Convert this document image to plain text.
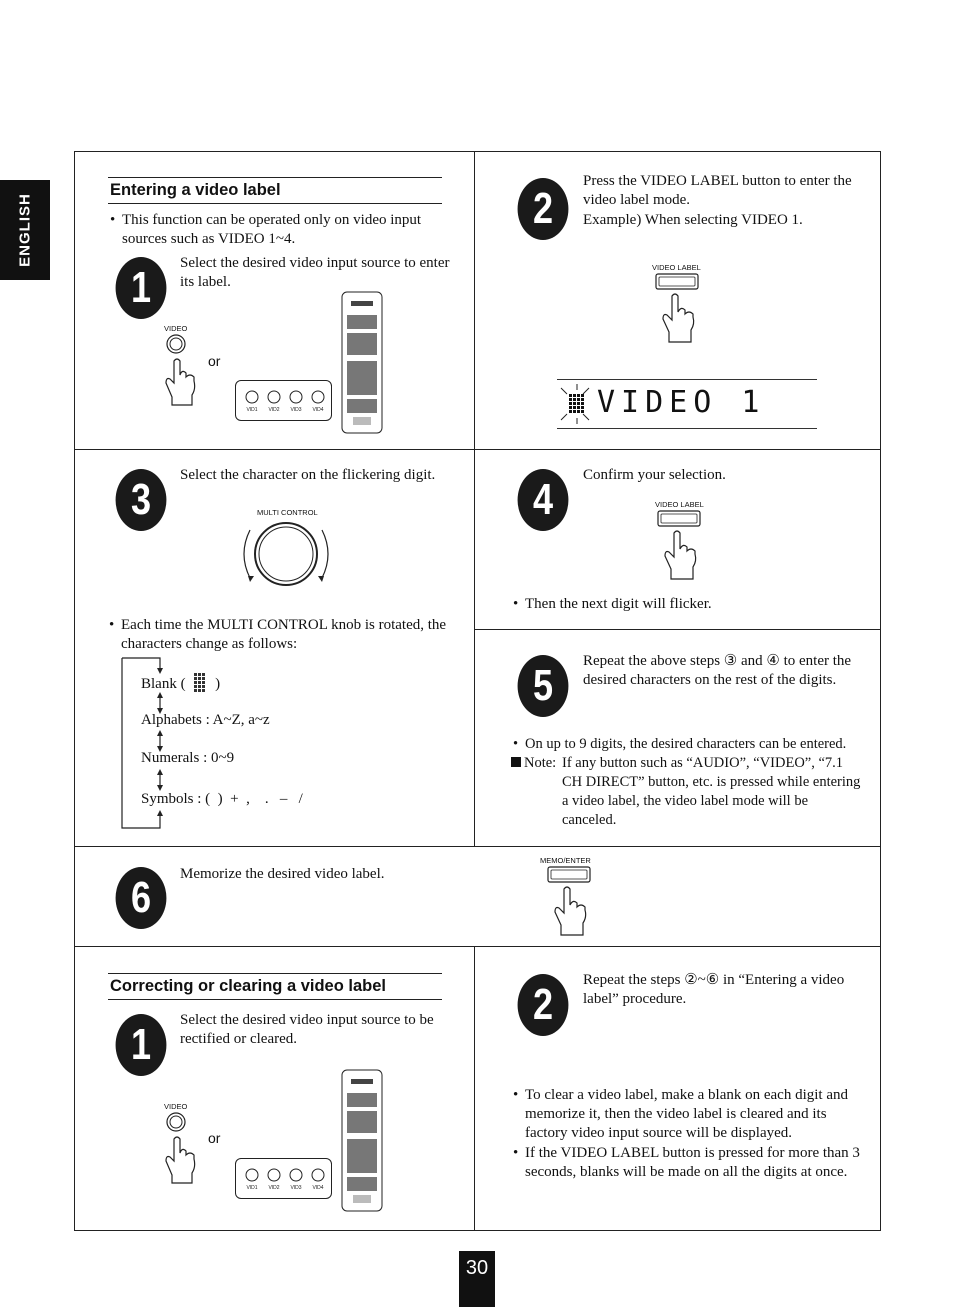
ENGLISH
Entering a video label
• This function can be operated only on video input sources such as VIDEO 1~4.
1	Select the desired video input source to enter its label.
VIDEO
or
VID1 VID2 VID3 VID4
2
Press the VIDEO LABEL button to enter the video label mode.
Example) When selecting VIDEO 1.
VIDEO LABEL
VIDEO 1
3	Select the character on the flickering digit.
MULTI CONTROL
• Each time the MULTI CONTROL knob is rotated, the characters change as follows:
Blank ( )
Alphabets : A~Z, a~z
Numerals : 0~9
Symbols : (  )  +  ,    .   –   /
4	Confirm your selection.
VIDEO LABEL
• Then the next digit will flicker.
5	Repeat the above steps ③ and ④ to enter the desired characters on the rest of the digits.
• On up to 9 digits, the desired characters can be entered.
Note: If any button such as “AUDIO”, “VIDEO”, “7.1 CH DIRECT” button, etc. is pressed while entering a video label, the video label mode will be canceled.
6	Memorize the desired video label.
MEMO/ENTER
Correcting or clearing a video label
1	Select the desired video input source to be rectified or cleared.
VIDEO
or
VID1 VID2 VID3 VID4
2	Repeat the steps ②~⑥ in “Entering a video label” procedure.
• To clear a video label, make a blank on each digit and memorize it, then the video label is cleared and its factory video input source will be displayed.
• If the VIDEO LABEL button is pressed for more than 3 seconds, blanks will be made on all the digits at once.
30
